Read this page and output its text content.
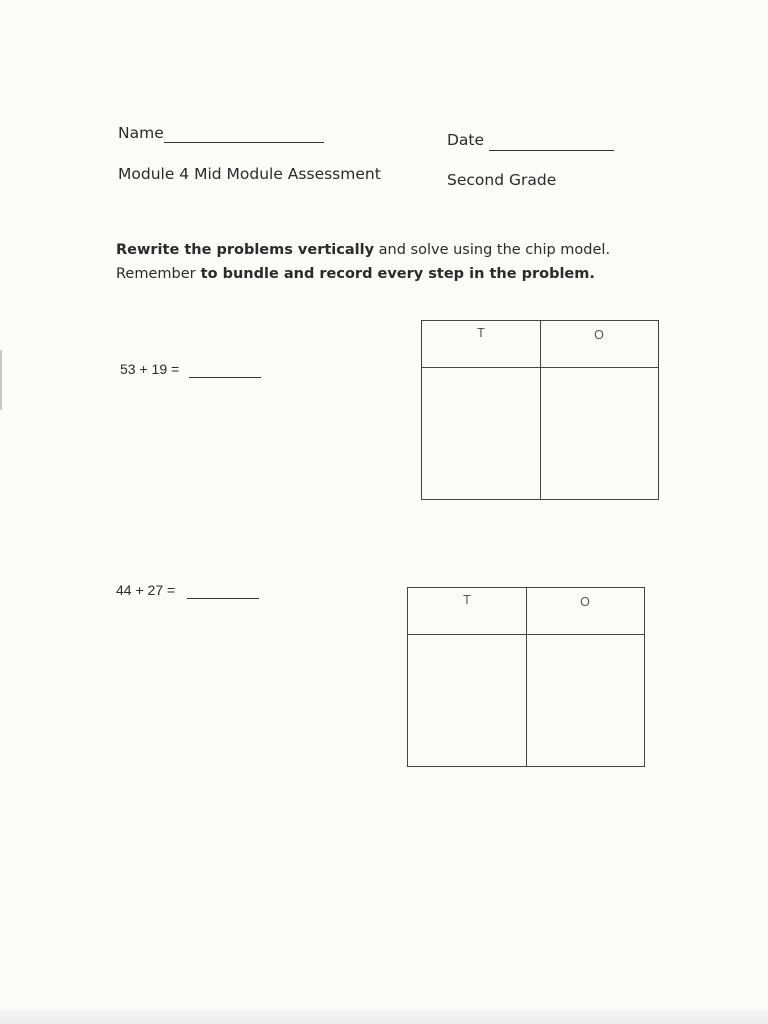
Name	Date
Module 4 Mid Module Assessment	Second Grade
Rewrite the problems vertically and solve using the chip model.
Remember to bundle and record every step in the problem.
53 + 19 =
T	O
44 + 27 =
T	O
